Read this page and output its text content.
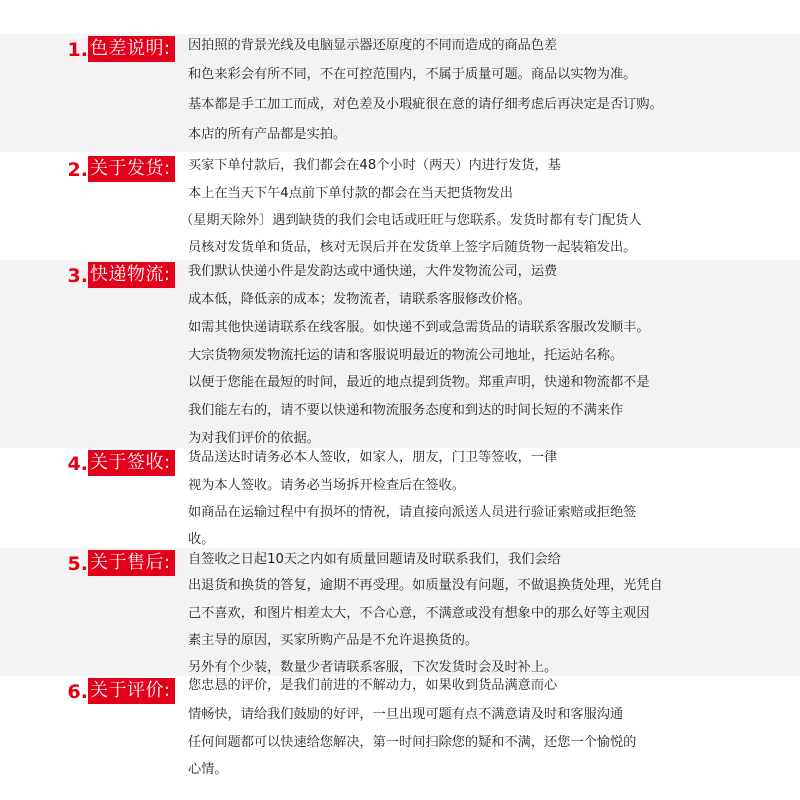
1. 色差说明:	因拍照的背景光线及电脑显示器还原度的不同而造成的商品色差
和色来彩会有所不同，不在可控范围内，不属于质量可题。商品以实物为准。
基本都是手工加工而成，对色差及小瑕疵很在意的请仔细考虑后再决定是否订购。
本店的所有产品都是实拍。
2. 关于发货:	买家下单付款后，我们都会在48个小时（两天）内进行发货，基
本上在当天下午4点前下单付款的都会在当天把货物发出
（星期天除外〕遇到缺货的我们会电话或旺旺与您联系。发货时都有专门配货人
员核对发货单和货品，核对无误后并在发货单上签字后随货物一起装箱发出。
3. 快递物流:	我们默认快递小件是发韵达或中通快递，大件发物流公司，运费
成本低，降低亲的成本；发物流者，请联系客服修改价格。
如需其他快递请联系在线客服。如快递不到或急需货品的请联系客服改发顺丰。
大宗货物须发物流托运的请和客服说明最近的物流公司地址，托运站名称。
以便于您能在最短的时间，最近的地点提到货物。郑重声明，快递和物流都不是
我们能左右的，请不要以快递和物流服务态度和到达的时间长短的不满来作
为对我们评价的依据。
4. 关于签收:	货品送达时请务必本人签收，如家人，朋友，门卫等签收，一律
视为本人签收。请务必当场拆开检查后在签收。
如商品在运输过程中有损坏的情祝，请直接向派送人员进行验证索赔或拒绝签
收。
5. 关于售后:	自签收之日起10天之内如有质量回题请及时联系我们，我们会给
出退货和换货的答复，逾期不再受理。如质量没有问题，不做退换货处理，光凭自
己不喜欢，和图片相差太大，不合心意，不满意或没有想象中的那么好等主观因
素主导的原因，买家所购产品是不允许退换货的。
另外有个少装，数量少者请联系客服，下次发货时会及时补上。
6. 关于评价:	您忠恳的评价，是我们前进的不解动力，如果收到货品满意而心
情畅快，请给我们鼓励的好评，一旦出现可题有点不满意请及时和客服沟通
任何间题都可以快速给您解决，第一时间扫除您的疑和不满，还您一个愉悦的
心情。
